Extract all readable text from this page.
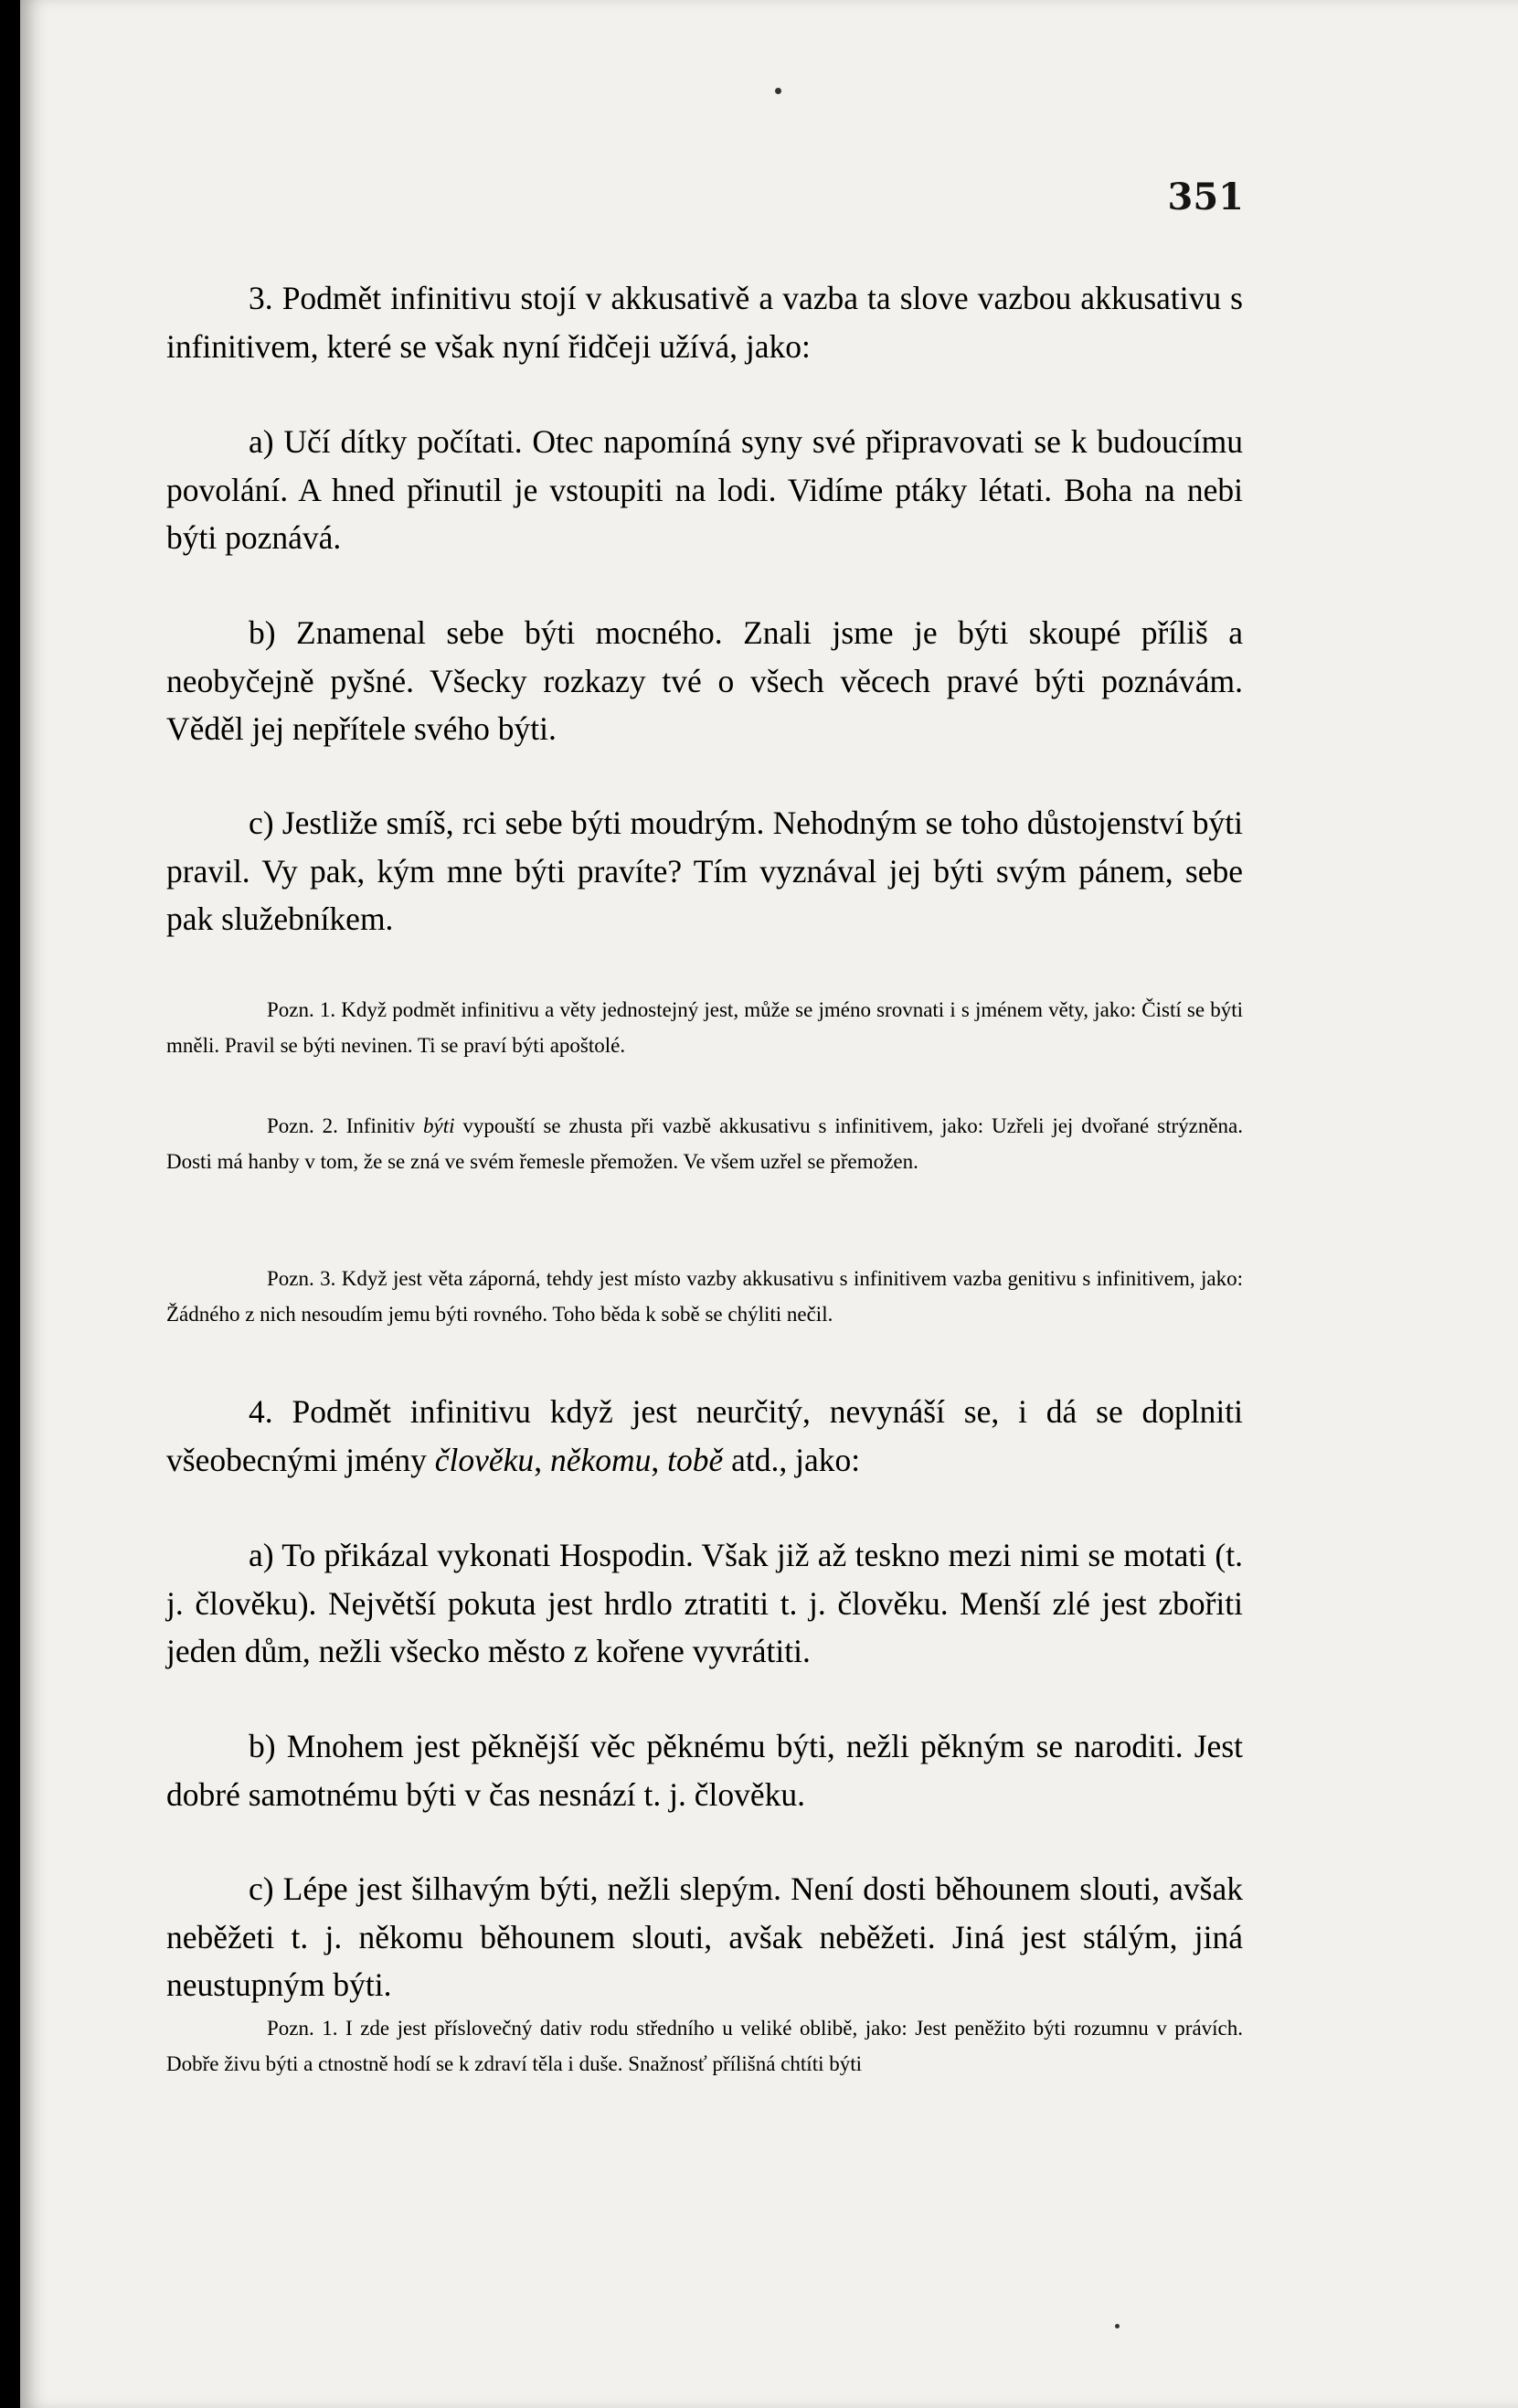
351

3. Podmět infinitivu stojí v akkusativě a vazba ta slove vazbou akkusativu s infinitivem, které se však nyní řidčeji užívá, jako:

a) Učí dítky počítati. Otec napomíná syny své připravovati se k budoucímu povolání. A hned přinutil je vstoupiti na lodi. Vidíme ptáky létati. Boha na nebi býti poznává.

b) Znamenal sebe býti mocného. Znali jsme je býti skoupé příliš a neobyčejně pyšné. Všecky rozkazy tvé o všech věcech pravé býti poznávám. Věděl jej nepřítele svého býti.

c) Jestliže smíš, rci sebe býti moudrým. Nehodným se toho důstojenství býti pravil. Vy pak, kým mne býti pravíte? Tím vyznával jej býti svým pánem, sebe pak služebníkem.

Pozn. 1. Když podmět infinitivu a věty jednostejný jest, může se jméno srovnati i s jménem věty, jako: Čistí se býti mněli. Pravil se býti nevinen. Ti se praví býti apoštolé.

Pozn. 2. Infinitiv býti vypouští se zhusta při vazbě akkusativu s infinitivem, jako: Uzřeli jej dvořané strýzněna. Dosti má hanby v tom, že se zná ve svém řemesle přemožen. Ve všem uzřel se přemožen.

Pozn. 3. Když jest věta záporná, tehdy jest místo vazby akkusativu s infinitivem vazba genitivu s infinitivem, jako: Žádného z nich nesoudím jemu býti rovného. Toho běda k sobě se chýliti nečil.

4. Podmět infinitivu když jest neurčitý, nevynáší se, i dá se doplniti všeobecnými jmény člověku, někomu, tobě atd., jako:

a) To přikázal vykonati Hospodin. Však již až teskno mezi nimi se motati (t. j. člověku). Největší pokuta jest hrdlo ztratiti t. j. člověku. Menší zlé jest zbořiti jeden dům, nežli všecko město z kořene vyvrátiti.

b) Mnohem jest pěknější věc pěknému býti, nežli pěkným se naroditi. Jest dobré samotnému býti v čas nesnází t. j. člověku.

c) Lépe jest šilhavým býti, nežli slepým. Není dosti běhounem slouti, avšak neběžeti t. j. někomu běhounem slouti, avšak neběžeti. Jiná jest stálým, jiná neustupným býti.

Pozn. 1. I zde jest příslovečný dativ rodu středního u veliké oblibě, jako: Jest peněžito býti rozumnu v právích. Dobře živu býti a ctnostně hodí se k zdraví těla i duše. Snažnosť přílišná chtíti býti
